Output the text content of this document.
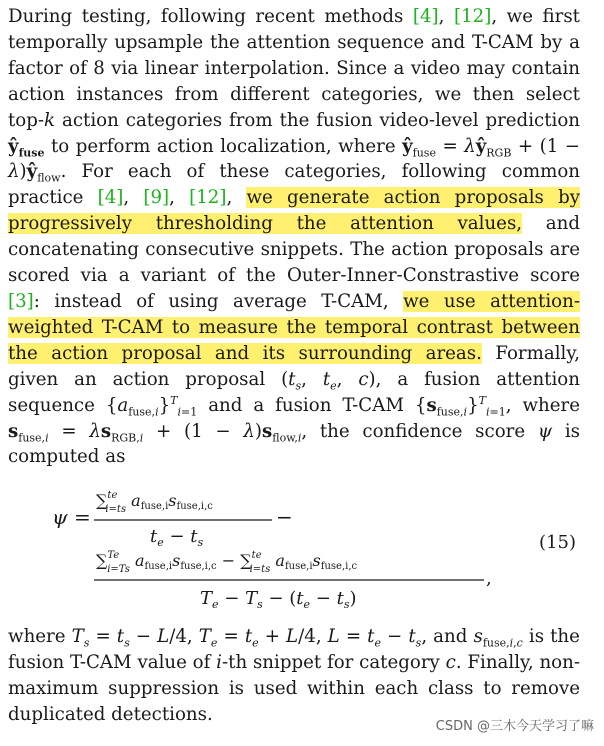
During testing, following recent methods [4], [12], we first temporally upsample the attention sequence and T-CAM by a factor of 8 via linear interpolation. Since a video may contain action instances from different categories, we then select top-k action categories from the fusion video-level prediction $ŷ_{fuse}$ to perform action localization, where $ŷ_{fuse}$ = $\lambda ŷ_{RGB} + (1$ − $\lambda)ŷ_{flow}$. For each of these categories, following common practice [4], [9], [12], we generate action proposals by progressively thresholding the attention values, and concatenating consecutive snippets. The action proposals are scored via a variant of the Outer-Inner-Constrastive score [3]: instead of using average T-CAM, we use attention-weighted T-CAM to measure the temporal contrast between the action proposal and its surrounding areas. Formally, given an action proposal ($t_s$, $t_e$, c), a fusion attention sequence $\{a_{fuse,i}\}^T_{i=1}$ and a fusion T-CAM $\{s_{fuse,i}\}^T_{i=1}$, where $s_{fuse,i} = \lambda s_{RGB,i} + (1 - \lambda)s_{flow,i}$, the confidence score ψ is computed as
ψ =
∑$^{te}$ i=ts afuse,isfuse,i,c
$t_e - t_s$
−
∑$^{Te}$ i=Ts afuse,isfuse,i,c − ∑$^{te}$ i=ts afuse,isfuse,i,c
,
$T_e - T_s - (t_e - t_s)$
(15)
where $T_s = t_s - L/4$, $T_e = t_e + L/4$, $L = t_e - t_s$, and $s_{fuse,i,c}$ is the fusion T-CAM value of i-th snippet for category c. Finally, non-maximum suppression is used within each class to remove duplicated detections.
CSDN @三木今天学习了嘛
